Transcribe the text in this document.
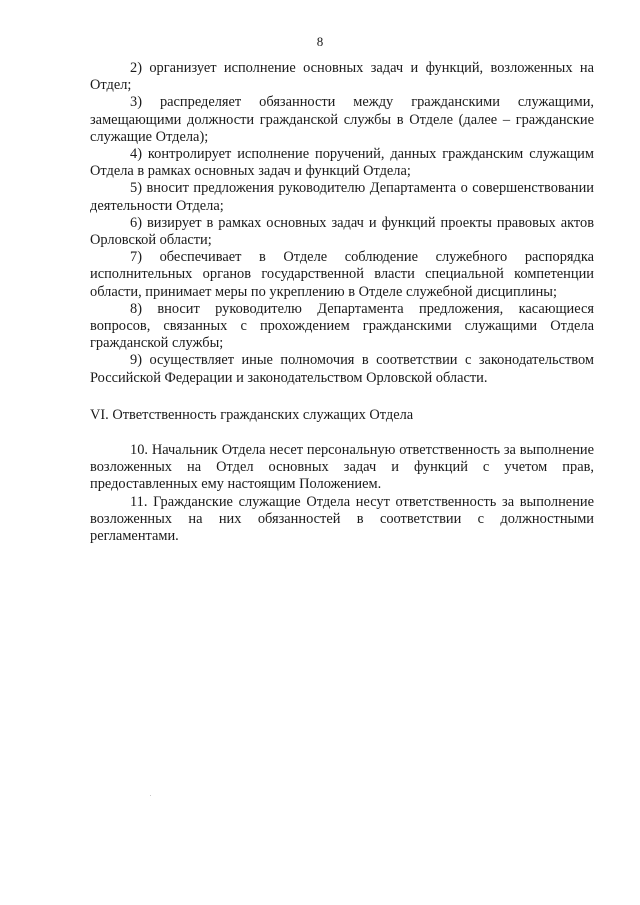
8

2) организует исполнение основных задач и функций, возложенных на Отдел;

3) распределяет обязанности между гражданскими служащими, замещающими должности гражданской службы в Отделе (далее – гражданские служащие Отдела);

4) контролирует исполнение поручений, данных гражданским служащим Отдела в рамках основных задач и функций Отдела;

5) вносит предложения руководителю Департамента о совершенствовании деятельности Отдела;

6) визирует в рамках основных задач и функций проекты правовых актов Орловской области;

7) обеспечивает в Отделе соблюдение служебного распорядка исполнительных органов государственной власти специальной компетенции области, принимает меры по укреплению в Отделе служебной дисциплины;

8) вносит руководителю Департамента предложения, касающиеся вопросов, связанных с прохождением гражданскими служащими Отдела гражданской службы;

9) осуществляет иные полномочия в соответствии с законодательством Российской Федерации и законодательством Орловской области.

VI. Ответственность гражданских служащих Отдела

10. Начальник Отдела несет персональную ответственность за выполнение возложенных на Отдел основных задач и функций с учетом прав, предоставленных ему настоящим Положением.

11. Гражданские служащие Отдела несут ответственность за выполнение возложенных на них обязанностей в соответствии с должностными регламентами.
